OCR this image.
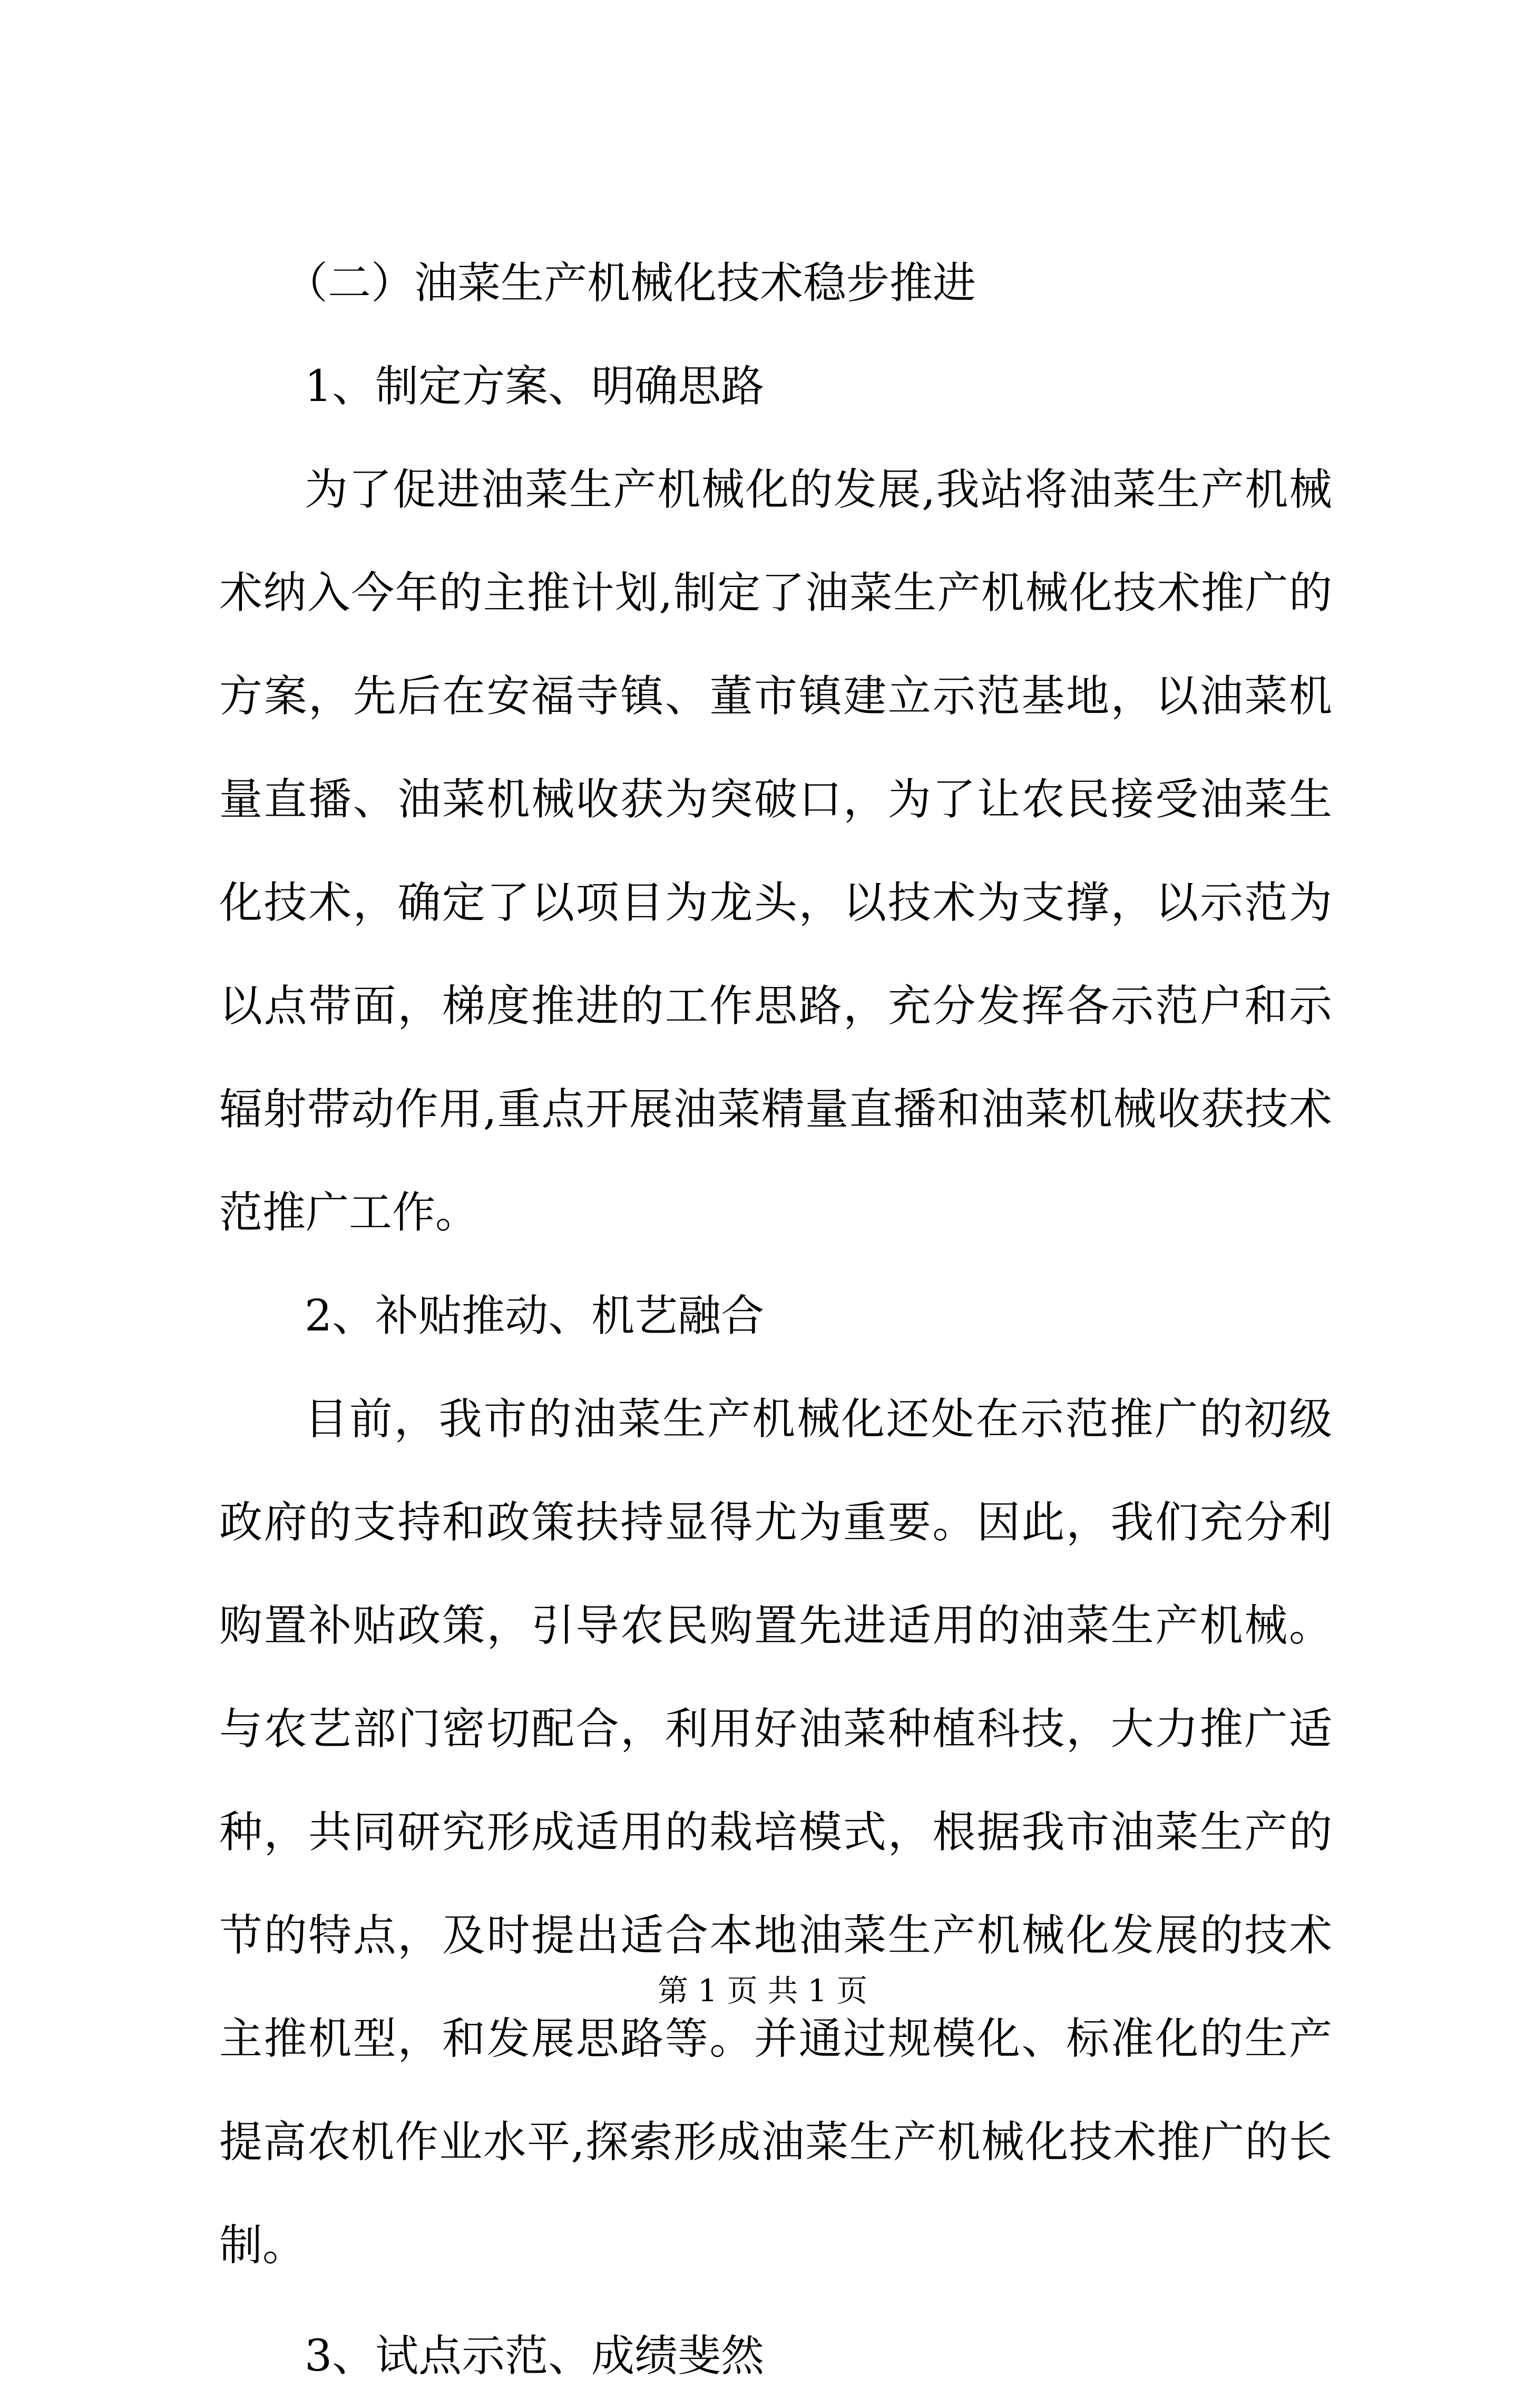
（二）油菜生产机械化技术稳步推进

1、制定方案、明确思路

为了促进油菜生产机械化的发展,我站将油菜生产机械

术纳入今年的主推计划,制定了油菜生产机械化技术推广的

方案，先后在安福寺镇、董市镇建立示范基地，以油菜机

量直播、油菜机械收获为突破口，为了让农民接受油菜生

化技术，确定了以项目为龙头，以技术为支撑，以示范为

以点带面，梯度推进的工作思路，充分发挥各示范户和示

辐射带动作用,重点开展油菜精量直播和油菜机械收获技术

范推广工作。

2、补贴推动、机艺融合

目前，我市的油菜生产机械化还处在示范推广的初级

政府的支持和政策扶持显得尤为重要。因此，我们充分利

购置补贴政策，引导农民购置先进适用的油菜生产机械。

与农艺部门密切配合，利用好油菜种植科技，大力推广适

种，共同研究形成适用的栽培模式，根据我市油菜生产的

节的特点，及时提出适合本地油菜生产机械化发展的技术

主推机型，和发展思路等。并通过规模化、标准化的生产

提高农机作业水平,探索形成油菜生产机械化技术推广的长

制。

3、试点示范、成绩斐然

第 1 页 共 1 页
